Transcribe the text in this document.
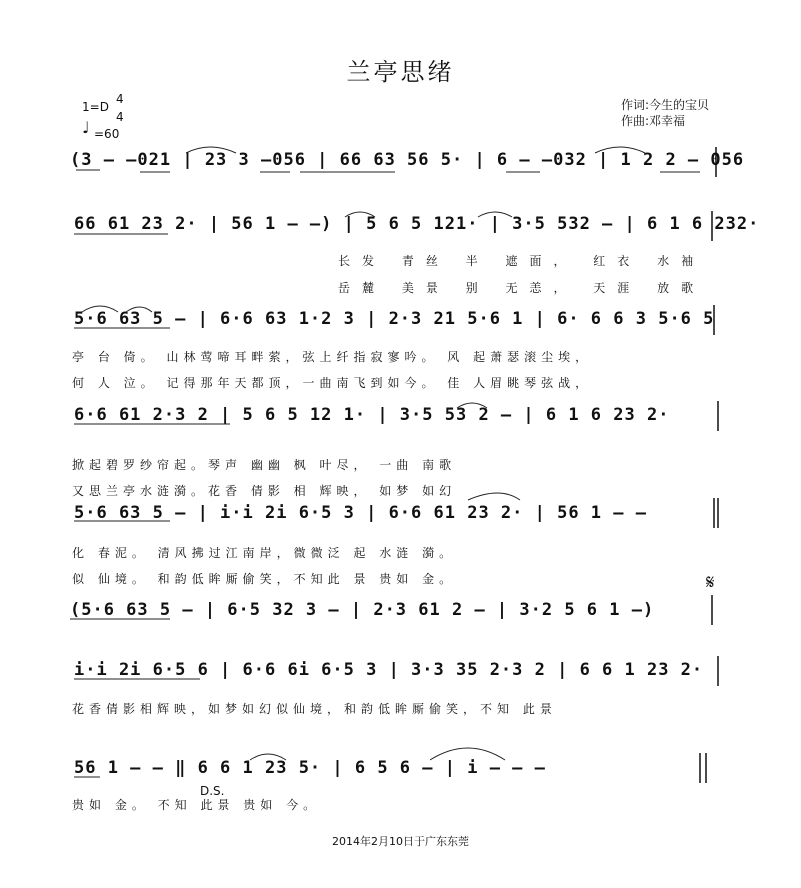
兰亭思绪
1=D
4
4
♩ =60
作词:今生的宝贝
作曲:邓幸福
(3 — —021 | 23 3 —056 | 66 63 56 5· | 6 — —032 | 1 2 2 — 056
66 61 23 2· | 56 1 — —) | 5 6 5 121· | 3·5 532 — | 6 1 6 232·
长发 青丝 半 遮面， 红衣 水袖
岳麓 美景 别 无恙， 天涯 放歌
5·6 63 5 — | 6·6 63 1·2 3 | 2·3 21 5·6 1 | 6· 6 6 3 5·6 5
亭 台 倚。 山林莺啼耳畔萦，弦上纤指寂寥吟。 风 起萧瑟滚尘埃，
何 人 泣。 记得那年天都顶，一曲南飞到如今。 佳 人眉眺琴弦战，
6·6 61 2·3 2 | 5 6 5 12 1· | 3·5 53 2 — | 6 1 6 23 2·
掀起碧罗纱帘起。琴声 幽幽 枫 叶尽， 一曲 南歌
又思兰亭水涟漪。花香 倩影 相 辉映， 如梦 如幻
5·6 63 5 — | i·i 2i 6·5 3 | 6·6 61 23 2· | 56 1 — —
化 春泥。 清风拂过江南岸，微微泛 起 水涟 漪。
似 仙境。 和韵低眸厮偷笑，不知此 景 贵如 金。	𝄋
(5·6 63 5 — | 6·5 32 3 — | 2·3 61 2 — | 3·2 5 6 1 —)
i·i 2i 6·5 6 | 6·6 6i 6·5 3 | 3·3 35 2·3 2 | 6 6 1 23 2·
花香倩影相辉映，如梦如幻似仙境，和韵低眸厮偷笑，不知 此景
56 1 — — ‖ 6 6 1 23 5· | 6 5 6 — | i — — —
D.S.
贵如 金。 不知 此景 贵如 今。
2014年2月10日于广东东莞
